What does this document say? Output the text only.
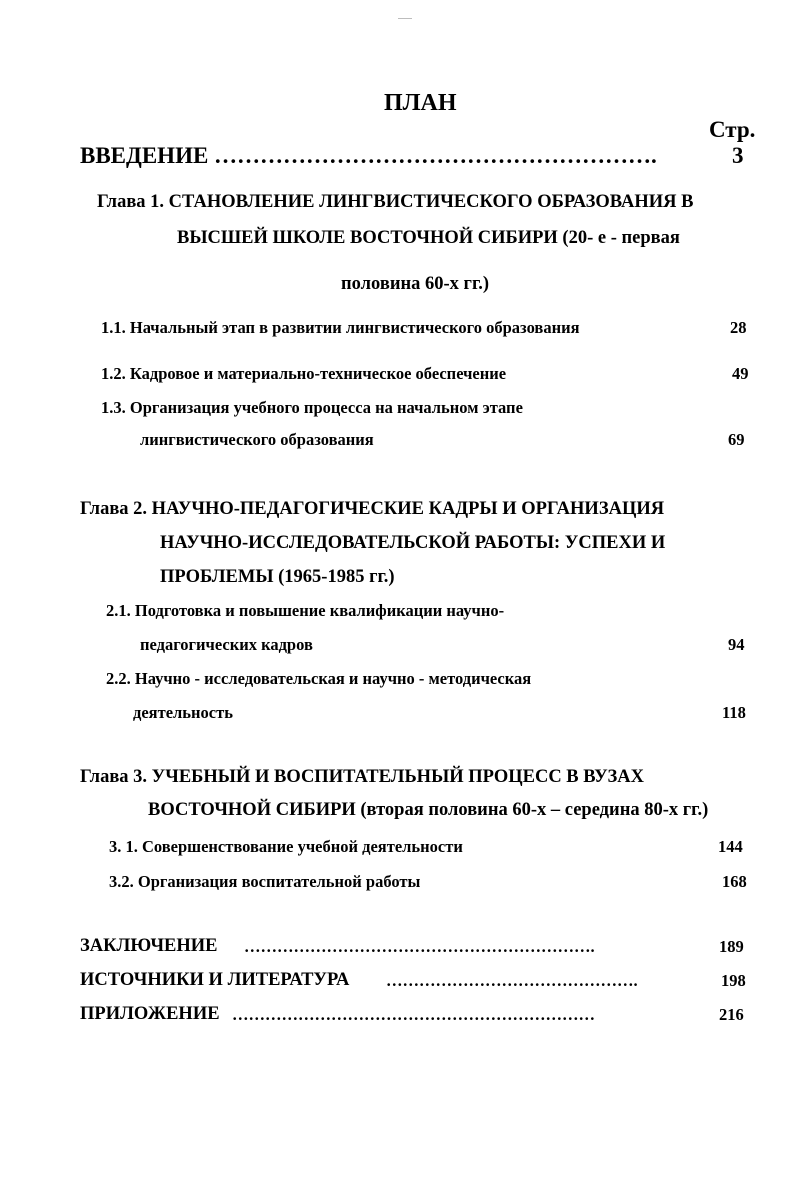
ПЛАН
Стр.
ВВЕДЕНИЕ ………………………………………………….	3
Глава 1. СТАНОВЛЕНИЕ ЛИНГВИСТИЧЕСКОГО ОБРАЗОВАНИЯ В
ВЫСШЕЙ ШКОЛЕ ВОСТОЧНОЙ СИБИРИ (20- е - первая
половина 60-х гг.)
1.1. Начальный этап в развитии лингвистического образования	28
1.2. Кадровое и материально-техническое обеспечение	49
1.3. Организация учебного процесса на начальном этапе
лингвистического образования	69
Глава 2. НАУЧНО-ПЕДАГОГИЧЕСКИЕ КАДРЫ И ОРГАНИЗАЦИЯ
НАУЧНО-ИССЛЕДОВАТЕЛЬСКОЙ РАБОТЫ: УСПЕХИ И
ПРОБЛЕМЫ (1965-1985 гг.)
2.1. Подготовка и повышение квалификации научно-
педагогических кадров	94
2.2. Научно - исследовательская и научно - методическая
деятельность	118
Глава 3. УЧЕБНЫЙ И ВОСПИТАТЕЛЬНЫЙ ПРОЦЕСС В ВУЗАХ
ВОСТОЧНОЙ СИБИРИ (вторая половина 60-х – середина 80-х гг.)
3. 1. Совершенствование учебной деятельности	144
3.2. Организация воспитательной работы	168
ЗАКЛЮЧЕНИЕ ……………………………………………………….	189
ИСТОЧНИКИ И ЛИТЕРАТУРА ……………………………………….	198
ПРИЛОЖЕНИЕ …………………………………………………………	216
